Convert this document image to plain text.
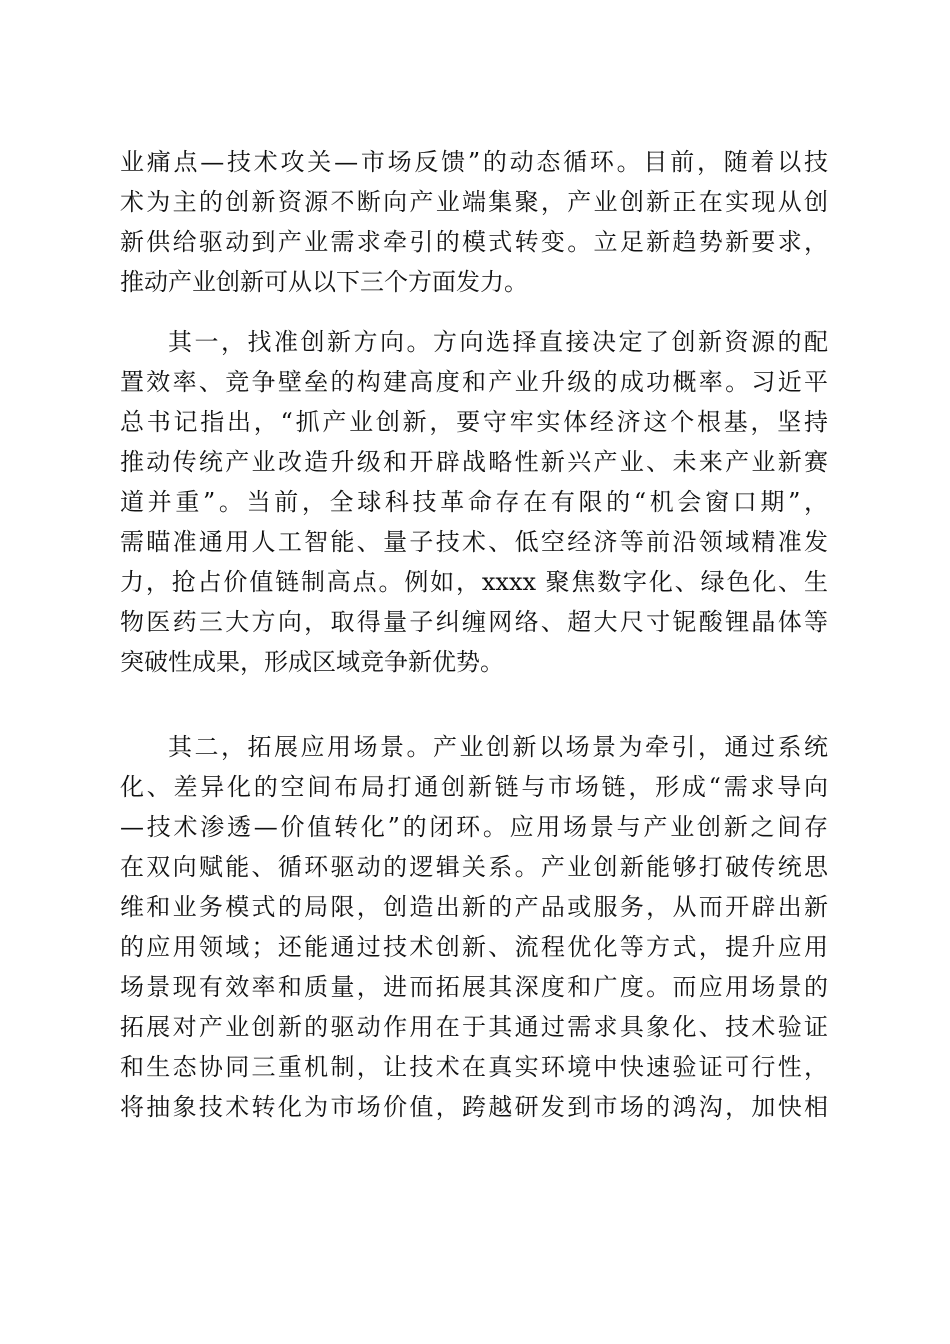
业痛点—技术攻关—市场反馈”的动态循环。目前，随着以技
术为主的创新资源不断向产业端集聚，产业创新正在实现从创
新供给驱动到产业需求牵引的模式转变。立足新趋势新要求，
推动产业创新可从以下三个方面发力。
其一，找准创新方向。方向选择直接决定了创新资源的配
置效率、竞争壁垒的构建高度和产业升级的成功概率。习近平
总书记指出，“抓产业创新，要守牢实体经济这个根基，坚持
推动传统产业改造升级和开辟战略性新兴产业、未来产业新赛
道并重”。当前，全球科技革命存在有限的“机会窗口期”，
需瞄准通用人工智能、量子技术、低空经济等前沿领域精准发
力，抢占价值链制高点。例如，xxxx 聚焦数字化、绿色化、生
物医药三大方向，取得量子纠缠网络、超大尺寸铌酸锂晶体等
突破性成果，形成区域竞争新优势。
其二，拓展应用场景。产业创新以场景为牵引，通过系统
化、差异化的空间布局打通创新链与市场链，形成“需求导向
—技术渗透—价值转化”的闭环。应用场景与产业创新之间存
在双向赋能、循环驱动的逻辑关系。产业创新能够打破传统思
维和业务模式的局限，创造出新的产品或服务，从而开辟出新
的应用领域；还能通过技术创新、流程优化等方式，提升应用
场景现有效率和质量，进而拓展其深度和广度。而应用场景的
拓展对产业创新的驱动作用在于其通过需求具象化、技术验证
和生态协同三重机制，让技术在真实环境中快速验证可行性，
将抽象技术转化为市场价值，跨越研发到市场的鸿沟，加快相
